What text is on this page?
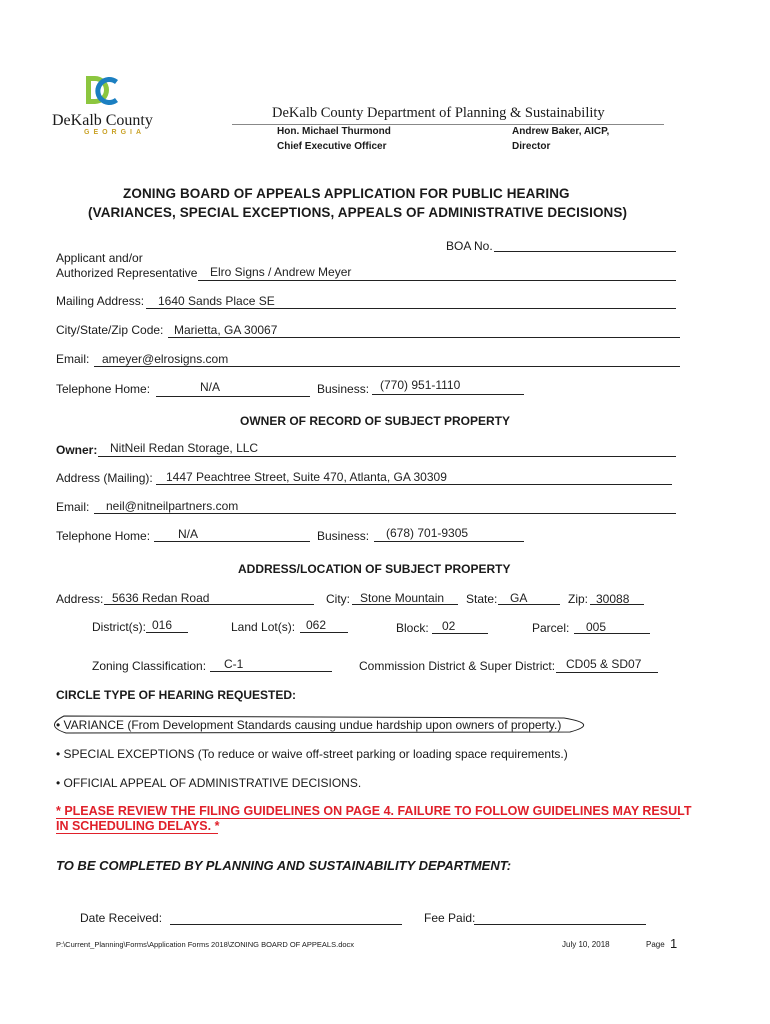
DeKalb County
GEORGIA
DeKalb County Department of Planning & Sustainability
Hon. Michael Thurmond
Chief Executive Officer
Andrew Baker, AICP,
Director
ZONING BOARD OF APPEALS APPLICATION FOR PUBLIC HEARING
(VARIANCES, SPECIAL EXCEPTIONS, APPEALS OF ADMINISTRATIVE DECISIONS)
BOA No.
Applicant and/or
Authorized Representative Elro Signs / Andrew Meyer
Mailing Address: 1640 Sands Place SE
City/State/Zip Code: Marietta, GA 30067
Email: ameyer@elrosigns.com
Telephone Home:	N/A	Business: (770) 951-1110
OWNER OF RECORD OF SUBJECT PROPERTY
Owner: NitNeil Redan Storage, LLC
Address (Mailing): 1447 Peachtree Street, Suite 470, Atlanta, GA 30309
Email: neil@nitneilpartners.com
Telephone Home: N/A	Business: (678) 701-9305
ADDRESS/LOCATION OF SUBJECT PROPERTY
Address: 5636 Redan Road	City: Stone Mountain State: GA	Zip: 30088
District(s): 016	Land Lot(s): 062	Block: 02	Parcel: 005
Zoning Classification: C-1	Commission District & Super District: CD05 & SD07
CIRCLE TYPE OF HEARING REQUESTED:
• VARIANCE (From Development Standards causing undue hardship upon owners of property.)
• SPECIAL EXCEPTIONS (To reduce or waive off-street parking or loading space requirements.)
• OFFICIAL APPEAL OF ADMINISTRATIVE DECISIONS.
* PLEASE REVIEW THE FILING GUIDELINES ON PAGE 4. FAILURE TO FOLLOW GUIDELINES MAY RESULT
IN SCHEDULING DELAYS. *
TO BE COMPLETED BY PLANNING AND SUSTAINABILITY DEPARTMENT:
Date Received:	Fee Paid:
P:\Current_Planning\Forms\Application Forms 2018\ZONING BOARD OF APPEALS.docx	July 10, 2018	Page 1
